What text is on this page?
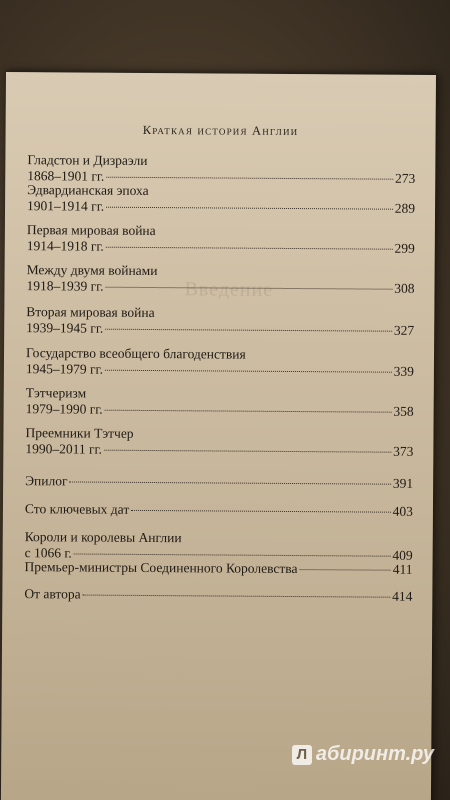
Введение
Краткая история Англии
Гладстон и Дизраэли
1868–1901 гг.	273
Эдвардианская эпоха
1901–1914 гг.	289
Первая мировая война
1914–1918 гг.	299
Между двумя войнами
1918–1939 гг.	308
Вторая мировая война
1939–1945 гг.	327
Государство всеобщего благоденствия
1945–1979 гг.	339
Тэтчеризм
1979–1990 гг.	358
Преемники Тэтчер
1990–2011 гг.	373
Эпилог	391
Сто ключевых дат	403
Короли и королевы Англии
с 1066 г.	409
Премьер-министры Соединенного Королевства	411
От автора	414
Л абиринт.ру
